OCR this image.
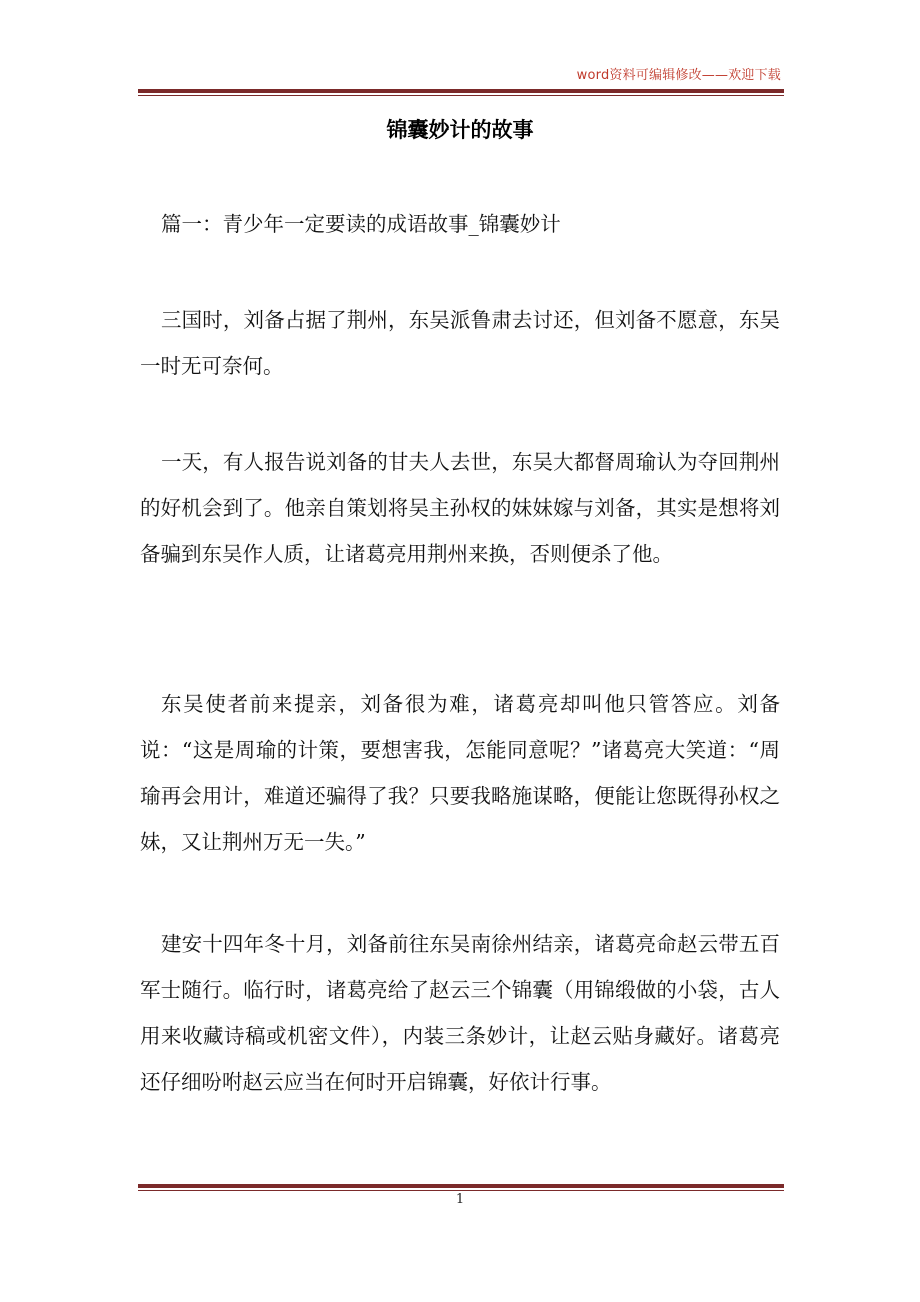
word资料可编辑修改——欢迎下载
锦囊妙计的故事

篇一：青少年一定要读的成语故事_锦囊妙计

三国时，刘备占据了荆州，东吴派鲁肃去讨还，但刘备不愿意，东吴一时无可奈何。

一天，有人报告说刘备的甘夫人去世，东吴大都督周瑜认为夺回荆州的好机会到了。他亲自策划将吴主孙权的妹妹嫁与刘备，其实是想将刘备骗到东吴作人质，让诸葛亮用荆州来换，否则便杀了他。

东吴使者前来提亲，刘备很为难，诸葛亮却叫他只管答应。刘备说：“这是周瑜的计策，要想害我，怎能同意呢？”诸葛亮大笑道：“周瑜再会用计，难道还骗得了我？只要我略施谋略，便能让您既得孙权之妹，又让荆州万无一失。”

建安十四年冬十月，刘备前往东吴南徐州结亲，诸葛亮命赵云带五百军士随行。临行时，诸葛亮给了赵云三个锦囊（用锦缎做的小袋，古人用来收藏诗稿或机密文件），内装三条妙计，让赵云贴身藏好。诸葛亮还仔细吩咐赵云应当在何时开启锦囊，好依计行事。

1
